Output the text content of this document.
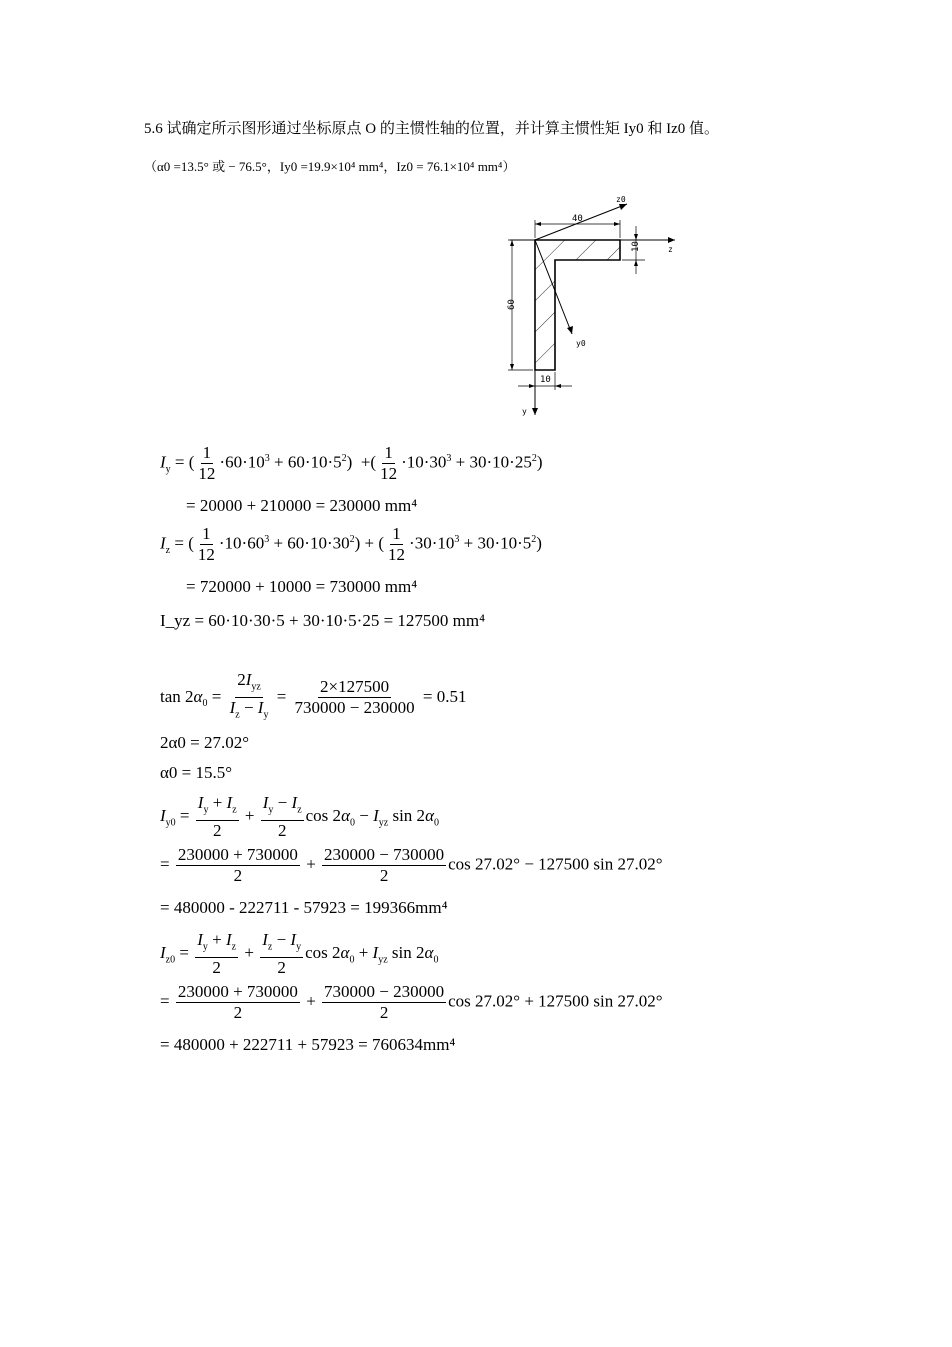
5.6 试确定所示图形通过坐标原点 O 的主惯性轴的位置，并计算主惯性矩 Iy0 和 Iz0 值。
（α0 =13.5° 或 − 76.5°，Iy0 =19.9×10⁴ mm⁴，Iz0 = 76.1×10⁴ mm⁴）
z
y
z0
y0
40
60
10
10
$I_y$ = ( $\frac{1}{12} \cdot 60\cdot 10^3 + 60\cdot 10\cdot 5^2$)  +( $\frac{1}{12} \cdot 10\cdot 30^3 + 30\cdot 10\cdot 25^2$)
= 20000 + 210000 = 230000 mm⁴
$I_z$ = ( $\frac{1}{12} \cdot 10\cdot 60^3 + 60\cdot 10\cdot 30^2$) + ( $\frac{1}{12} \cdot 30\cdot 10^3 + 30\cdot 10\cdot 5^2$)
= 720000 + 10000 = 730000 mm⁴
I_yz = 60·10·30·5 + 30·10·5·25 = 127500 mm⁴
$\tan 2\alpha_0 = \frac{2I_{yz}}{I_z - I_y} = \frac{2\times 127500}{730000 - 230000} = 0.51$
2α0 = 27.02°
α0 = 15.5°
$I_{y0} = \frac{I_y + I_z}{2} + \frac{I_y - I_z}{2}$ $\cos 2\alpha_0 - I_{yz}$ $\sin 2\alpha_0$
= $\frac{230000 + 730000}{2} + \frac{230000 - 730000}{2}$ cos 27.02° − 127500 sin 27.02°
= 480000 - 222711 - 57923 = 199366mm⁴
$I_{z0} = \frac{I_y + I_z}{2} + \frac{I_z - I_y}{2}$ $\cos 2\alpha_0 + I_{yz}$ $\sin 2\alpha_0$
= $\frac{230000 + 730000}{2} + \frac{730000 - 230000}{2}$ cos 27.02° + 127500 sin 27.02°
= 480000 + 222711 + 57923 = 760634mm⁴
